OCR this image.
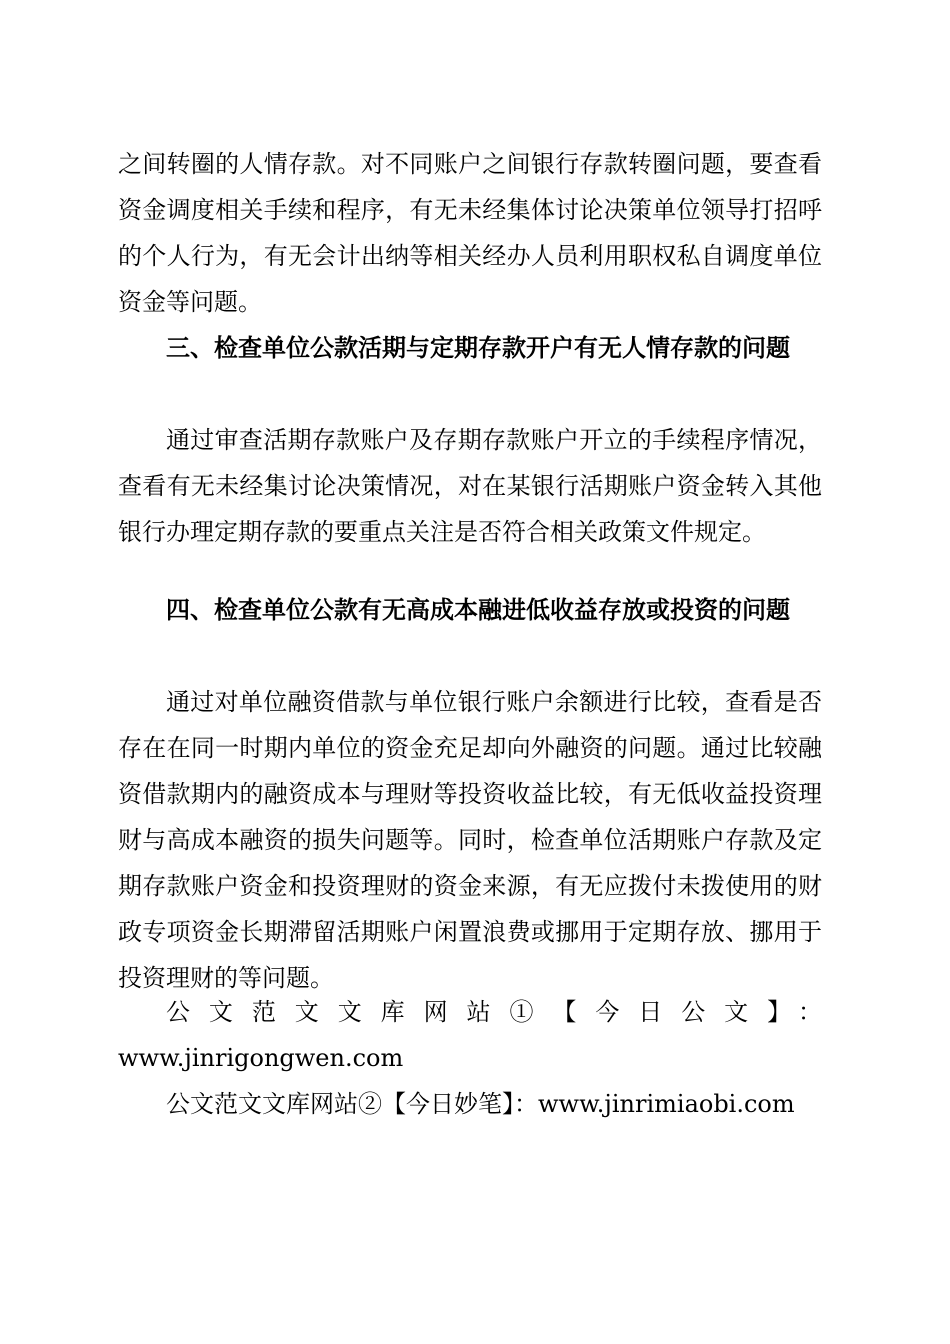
之间转圈的人情存款。对不同账户之间银行存款转圈问题，要查看资金调度相关手续和程序，有无未经集体讨论决策单位领导打招呼的个人行为，有无会计出纳等相关经办人员利用职权私自调度单位资金等问题。
三、检查单位公款活期与定期存款开户有无人情存款的问题
通过审查活期存款账户及存期存款账户开立的手续程序情况，查看有无未经集讨论决策情况，对在某银行活期账户资金转入其他银行办理定期存款的要重点关注是否符合相关政策文件规定。
四、检查单位公款有无高成本融进低收益存放或投资的问题
通过对单位融资借款与单位银行账户余额进行比较，查看是否存在在同一时期内单位的资金充足却向外融资的问题。通过比较融资借款期内的融资成本与理财等投资收益比较，有无低收益投资理财与高成本融资的损失问题等。同时，检查单位活期账户存款及定期存款账户资金和投资理财的资金来源，有无应拨付未拨使用的财政专项资金长期滞留活期账户闲置浪费或挪用于定期存放、挪用于投资理财的等问题。
公文范文文库网站①【今日公文】：
www.jinrigongwen.com
公文范文文库网站②【今日妙笔】：www.jinrimiaobi.com
